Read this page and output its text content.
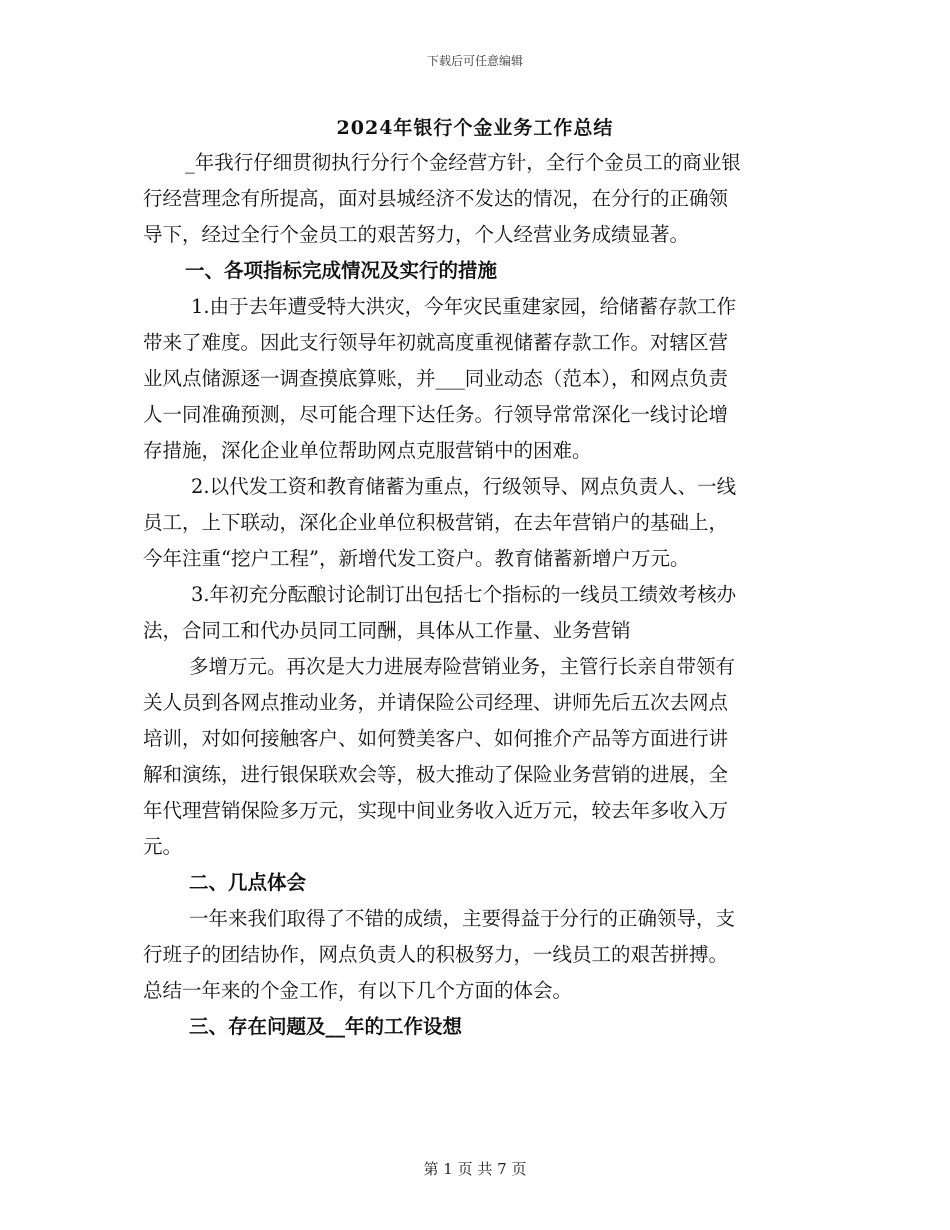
下载后可任意编辑
2024年银行个金业务工作总结
_年我行仔细贯彻执行分行个金经营方针，全行个金员工的商业银
行经营理念有所提高，面对县城经济不发达的情况，在分行的正确领
导下，经过全行个金员工的艰苦努力，个人经营业务成绩显著。
一、各项指标完成情况及实行的措施
1.由于去年遭受特大洪灾，今年灾民重建家园，给储蓄存款工作
带来了难度。因此支行领导年初就高度重视储蓄存款工作。对辖区营
业风点储源逐一调查摸底算账，并___同业动态（范本），和网点负责
人一同准确预测，尽可能合理下达任务。行领导常常深化一线讨论增
存措施，深化企业单位帮助网点克服营销中的困难。
2.以代发工资和教育储蓄为重点，行级领导、网点负责人、一线
员工，上下联动，深化企业单位积极营销，在去年营销户的基础上，
今年注重“挖户工程”，新增代发工资户。教育储蓄新增户万元。
3.年初充分酝酿讨论制订出包括七个指标的一线员工绩效考核办
法，合同工和代办员同工同酬，具体从工作量、业务营销
多增万元。再次是大力进展寿险营销业务，主管行长亲自带领有
关人员到各网点推动业务，并请保险公司经理、讲师先后五次去网点
培训，对如何接触客户、如何赞美客户、如何推介产品等方面进行讲
解和演练，进行银保联欢会等，极大推动了保险业务营销的进展，全
年代理营销保险多万元，实现中间业务收入近万元，较去年多收入万
元。
二、几点体会
一年来我们取得了不错的成绩，主要得益于分行的正确领导，支
行班子的团结协作，网点负责人的积极努力，一线员工的艰苦拼搏。
总结一年来的个金工作，有以下几个方面的体会。
三、存在问题及__年的工作设想
第 1 页 共 7 页
